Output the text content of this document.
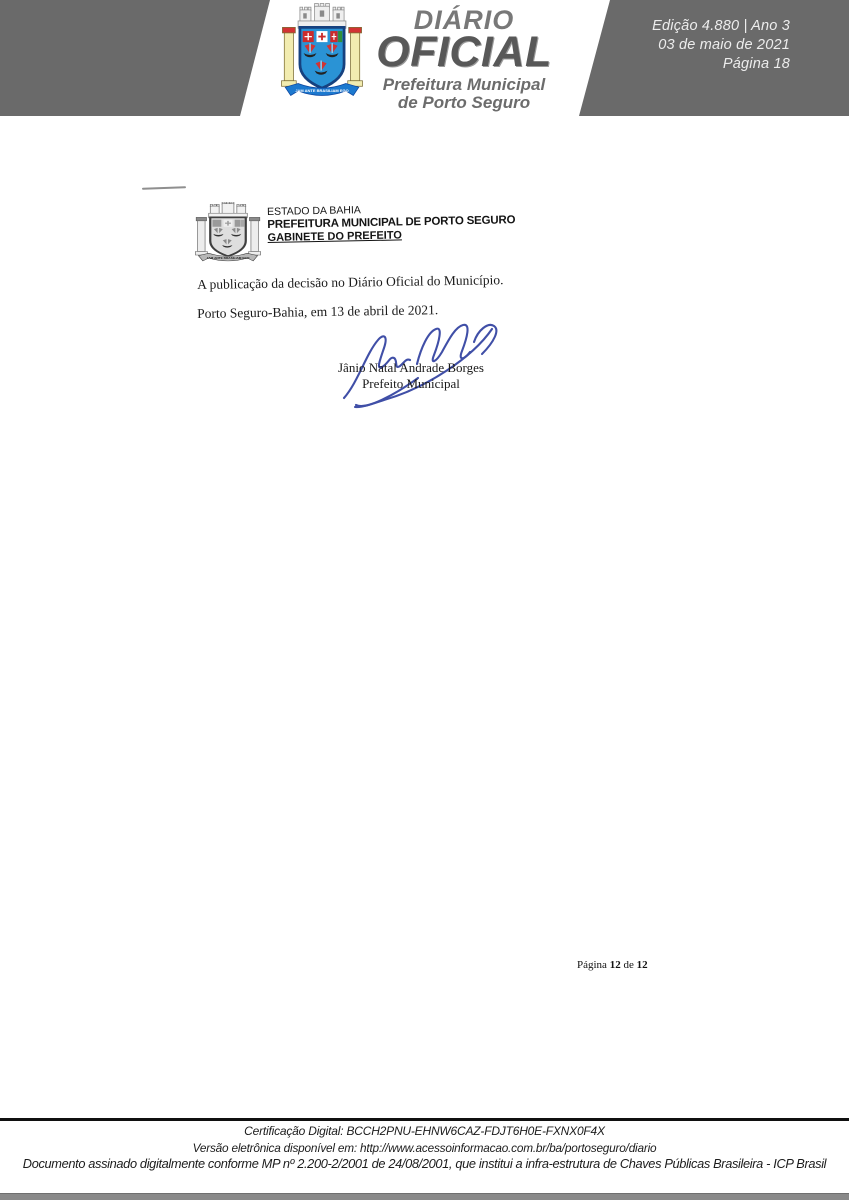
JAM ANTE BRASILIAM EGO
DIÁRIO
OFICIAL
Prefeitura Municipal
de Porto Seguro
Edição 4.880 | Ano 3
03 de maio de 2021
Página 18
JAM ANTE BRASILIAM EGO
ESTADO DA BAHIA
PREFEITURA MUNICIPAL DE PORTO SEGURO
GABINETE DO PREFEITO
A publicação da decisão no Diário Oficial do Município.
Porto Seguro-Bahia, em 13 de abril de 2021.
Jânio Natal Andrade Borges
Prefeito Municipal
Página 12 de 12
Certificação Digital: BCCH2PNU-EHNW6CAZ-FDJT6H0E-FXNX0F4X
Versão eletrônica disponível em: http://www.acessoinformacao.com.br/ba/portoseguro/diario
Documento assinado digitalmente conforme MP nº 2.200-2/2001 de 24/08/2001, que institui a infra-estrutura de Chaves Públicas Brasileira - ICP Brasil
